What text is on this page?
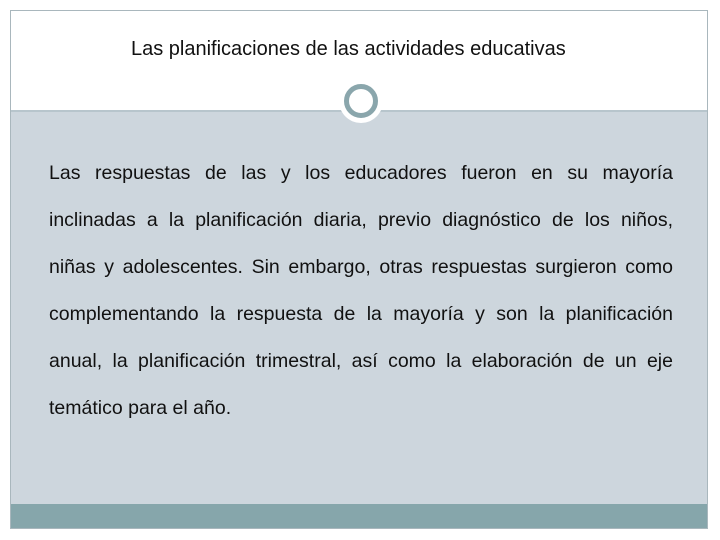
Las planificaciones de las actividades educativas

Las respuestas de las y los educadores fueron en su mayoría inclinadas a la planificación diaria, previo diagnóstico de los niños, niñas y adolescentes. Sin embargo, otras respuestas surgieron como complementando la respuesta de la mayoría y son la planificación anual, la planificación trimestral, así como la elaboración de un eje temático para el año.
